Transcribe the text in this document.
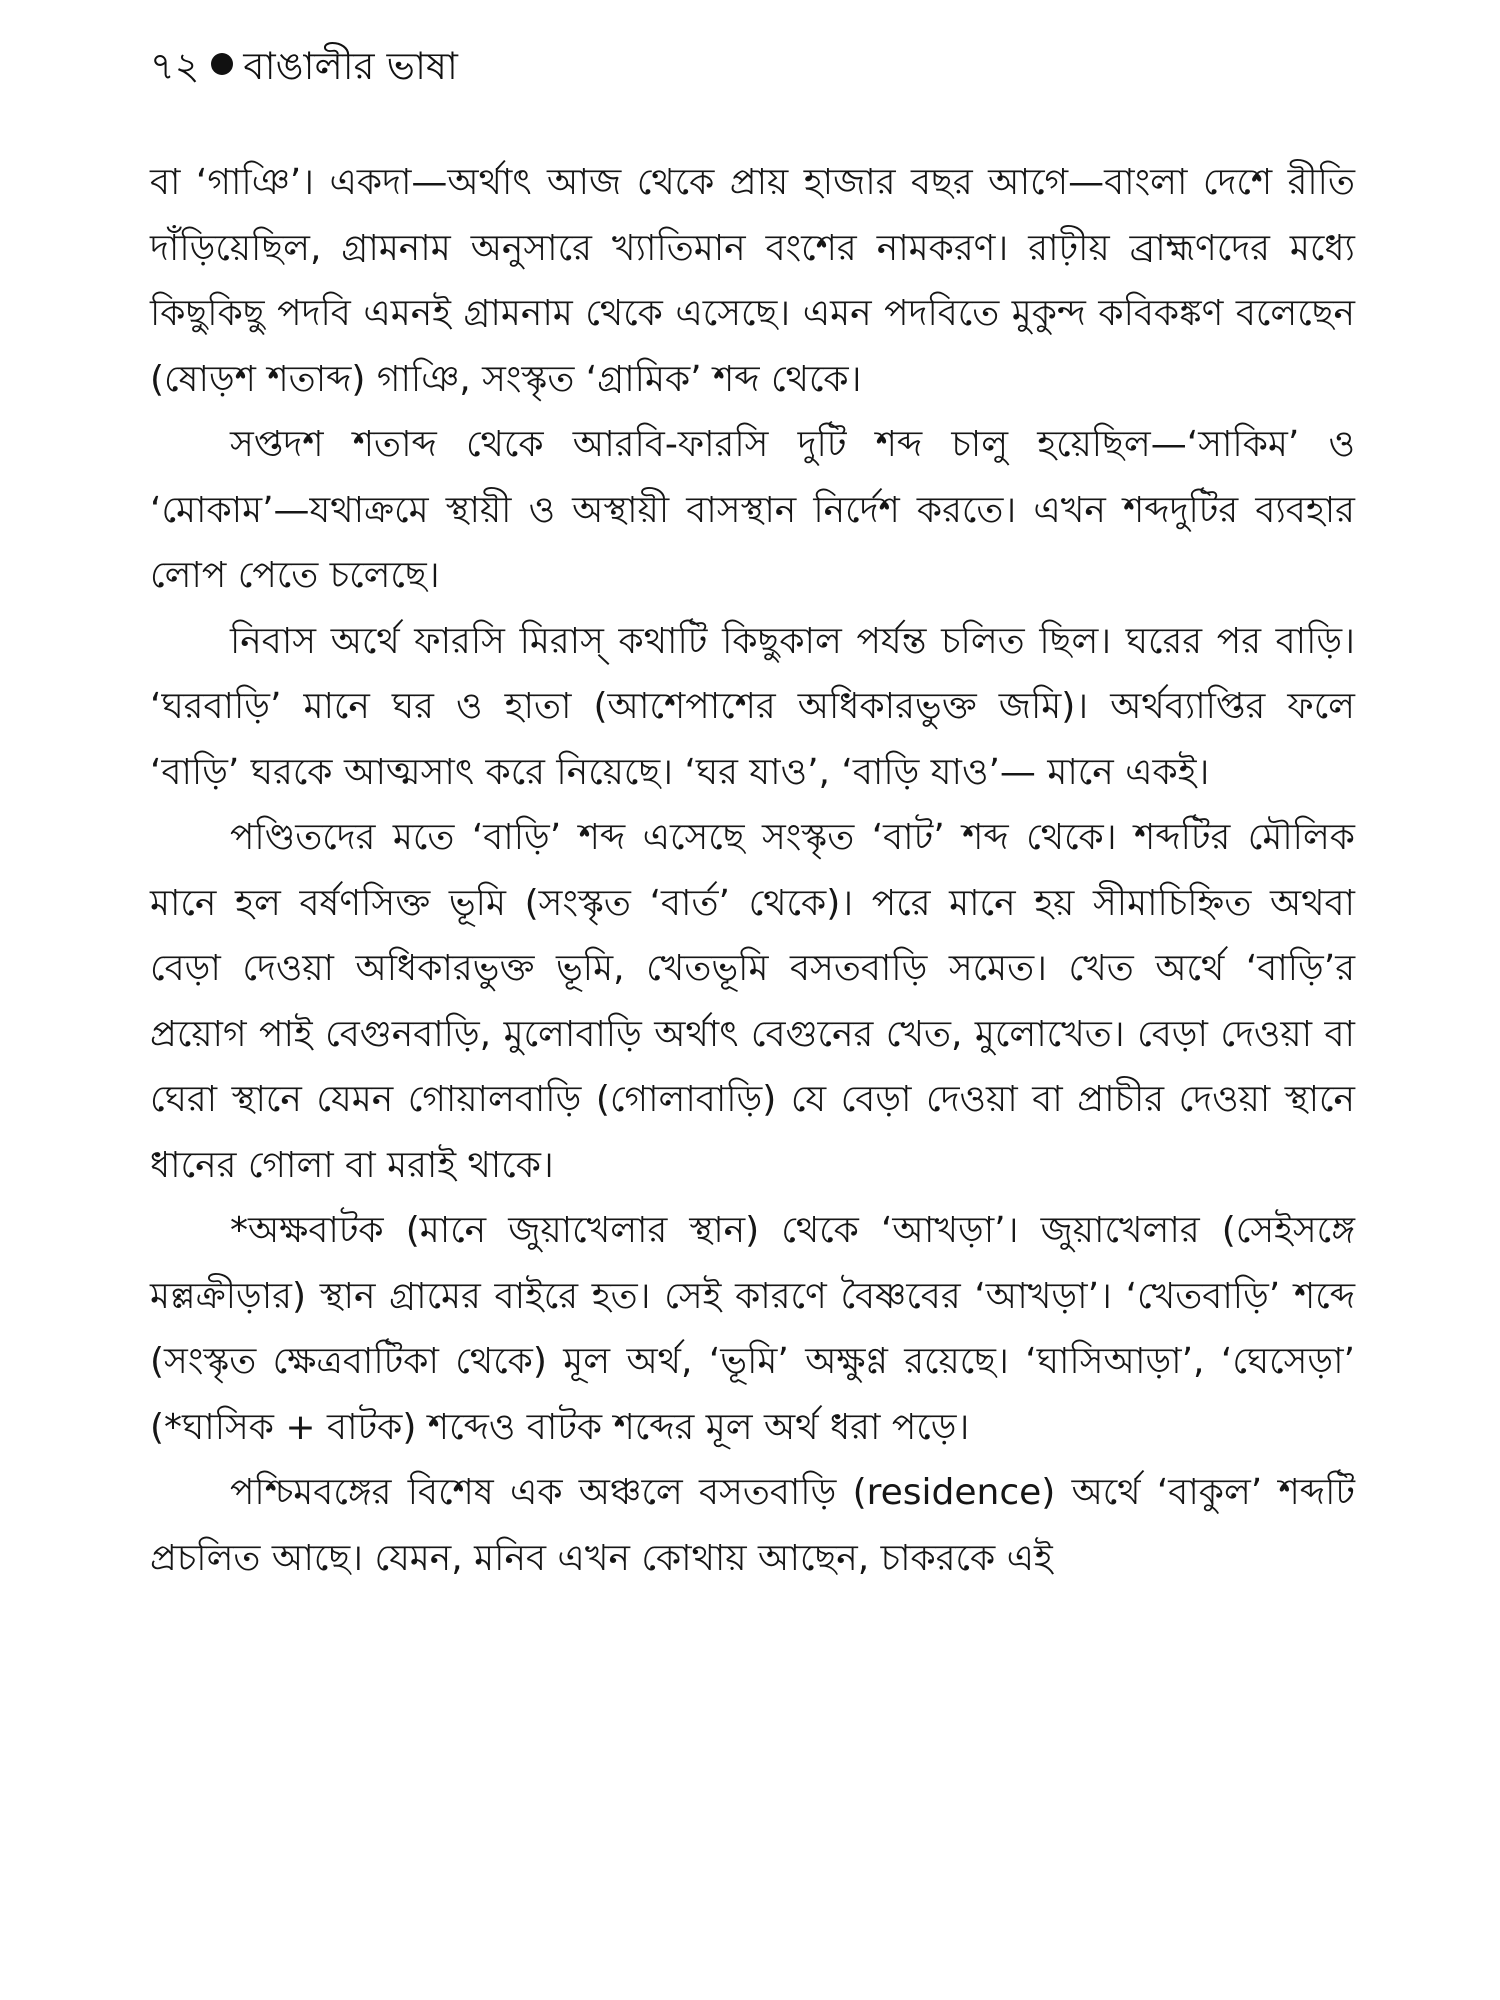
৭২ বাঙালীর ভাষা

বা ‘গাঞি’। একদা—অর্থাৎ আজ থেকে প্রায় হাজার বছর আগে—বাংলা দেশে রীতি দাঁড়িয়েছিল, গ্রামনাম অনুসারে খ্যাতিমান বংশের নামকরণ। রাঢ়ীয় ব্রাহ্মণদের মধ্যে কিছুকিছু পদবি এমনই গ্রামনাম থেকে এসেছে। এমন পদবিতে মুকুন্দ কবিকঙ্কণ বলেছেন (ষোড়শ শতাব্দ) গাঞি, সংস্কৃত ‘গ্রামিক’ শব্দ থেকে।

সপ্তদশ শতাব্দ থেকে আরবি-ফারসি দুটি শব্দ চালু হয়েছিল—‘সাকিম’ ও ‘মোকাম’—যথাক্রমে স্থায়ী ও অস্থায়ী বাসস্থান নির্দেশ করতে। এখন শব্দদুটির ব্যবহার লোপ পেতে চলেছে।

নিবাস অর্থে ফারসি মিরাস্‌ কথাটি কিছুকাল পর্যন্ত চলিত ছিল। ঘরের পর বাড়ি। ‘ঘরবাড়ি’ মানে ঘর ও হাতা (আশেপাশের অধিকারভুক্ত জমি)। অর্থব্যাপ্তির ফলে ‘বাড়ি’ ঘরকে আত্মসাৎ করে নিয়েছে। ‘ঘর যাও’, ‘বাড়ি যাও’— মানে একই।

পণ্ডিতদের মতে ‘বাড়ি’ শব্দ এসেছে সংস্কৃত ‘বাট’ শব্দ থেকে। শব্দটির মৌলিক মানে হল বর্ষণসিক্ত ভূমি (সংস্কৃত ‘বার্ত’ থেকে)। পরে মানে হয় সীমাচিহ্নিত অথবা বেড়া দেওয়া অধিকারভুক্ত ভূমি, খেতভূমি বসতবাড়ি সমেত। খেত অর্থে ‘বাড়ি’র প্রয়োগ পাই বেগুনবাড়ি, মুলোবাড়ি অর্থাৎ বেগুনের খেত, মুলোখেত। বেড়া দেওয়া বা ঘেরা স্থানে যেমন গোয়ালবাড়ি (গোলাবাড়ি) যে বেড়া দেওয়া বা প্রাচীর দেওয়া স্থানে ধানের গোলা বা মরাই থাকে।

*অক্ষবাটক (মানে জুয়াখেলার স্থান) থেকে ‘আখড়া’। জুয়াখেলার (সেইসঙ্গে মল্লক্রীড়ার) স্থান গ্রামের বাইরে হত। সেই কারণে বৈষ্ণবের ‘আখড়া’। ‘খেতবাড়ি’ শব্দে (সংস্কৃত ক্ষেত্রবাটিকা থেকে) মূল অর্থ, ‘ভূমি’ অক্ষুণ্ণ রয়েছে। ‘ঘাসিআড়া’, ‘ঘেসেড়া’ (*ঘাসিক + বাটক) শব্দেও বাটক শব্দের মূল অর্থ ধরা পড়ে।

পশ্চিমবঙ্গের বিশেষ এক অঞ্চলে বসতবাড়ি (residence) অর্থে ‘বাকুল’ শব্দটি প্রচলিত আছে। যেমন, মনিব এখন কোথায় আছেন, চাকরকে এই
